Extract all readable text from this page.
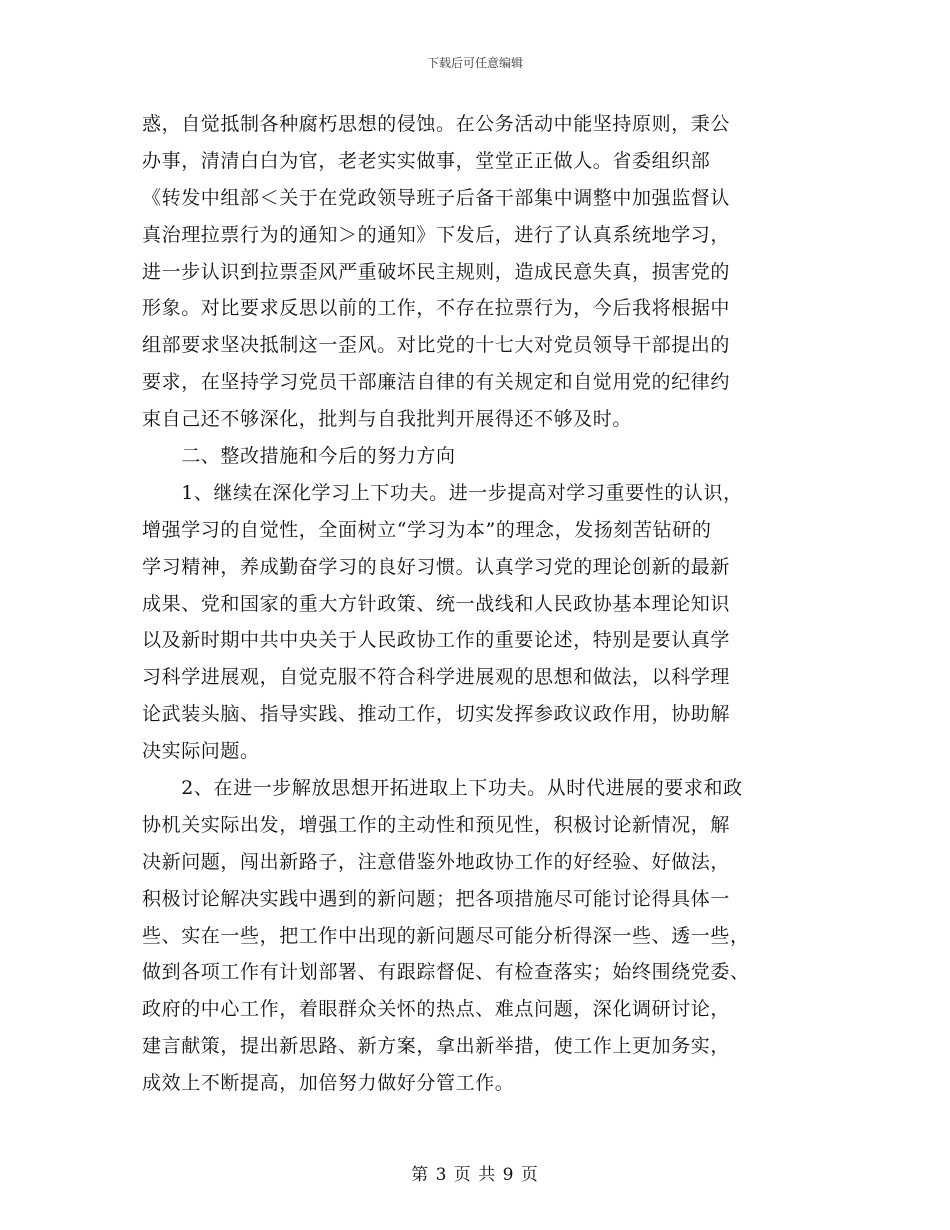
下载后可任意编辑
惑，自觉抵制各种腐朽思想的侵蚀。在公务活动中能坚持原则，秉公
办事，清清白白为官，老老实实做事，堂堂正正做人。省委组织部
《转发中组部＜关于在党政领导班子后备干部集中调整中加强监督认
真治理拉票行为的通知＞的通知》下发后，进行了认真系统地学习，
进一步认识到拉票歪风严重破坏民主规则，造成民意失真，损害党的
形象。对比要求反思以前的工作，不存在拉票行为，今后我将根据中
组部要求坚决抵制这一歪风。对比党的十七大对党员领导干部提出的
要求，在坚持学习党员干部廉洁自律的有关规定和自觉用党的纪律约
束自己还不够深化，批判与自我批判开展得还不够及时。
　　二、整改措施和今后的努力方向
　　1、继续在深化学习上下功夫。进一步提高对学习重要性的认识，
增强学习的自觉性，全面树立“学习为本”的理念，发扬刻苦钻研的
学习精神，养成勤奋学习的良好习惯。认真学习党的理论创新的最新
成果、党和国家的重大方针政策、统一战线和人民政协基本理论知识
以及新时期中共中央关于人民政协工作的重要论述，特别是要认真学
习科学进展观，自觉克服不符合科学进展观的思想和做法，以科学理
论武装头脑、指导实践、推动工作，切实发挥参政议政作用，协助解
决实际问题。
　　2、在进一步解放思想开拓进取上下功夫。从时代进展的要求和政
协机关实际出发，增强工作的主动性和预见性，积极讨论新情况，解
决新问题，闯出新路子，注意借鉴外地政协工作的好经验、好做法，
积极讨论解决实践中遇到的新问题；把各项措施尽可能讨论得具体一
些、实在一些，把工作中出现的新问题尽可能分析得深一些、透一些，
做到各项工作有计划部署、有跟踪督促、有检查落实；始终围绕党委、
政府的中心工作，着眼群众关怀的热点、难点问题，深化调研讨论，
建言献策，提出新思路、新方案，拿出新举措，使工作上更加务实，
成效上不断提高，加倍努力做好分管工作。
第 3 页 共 9 页
